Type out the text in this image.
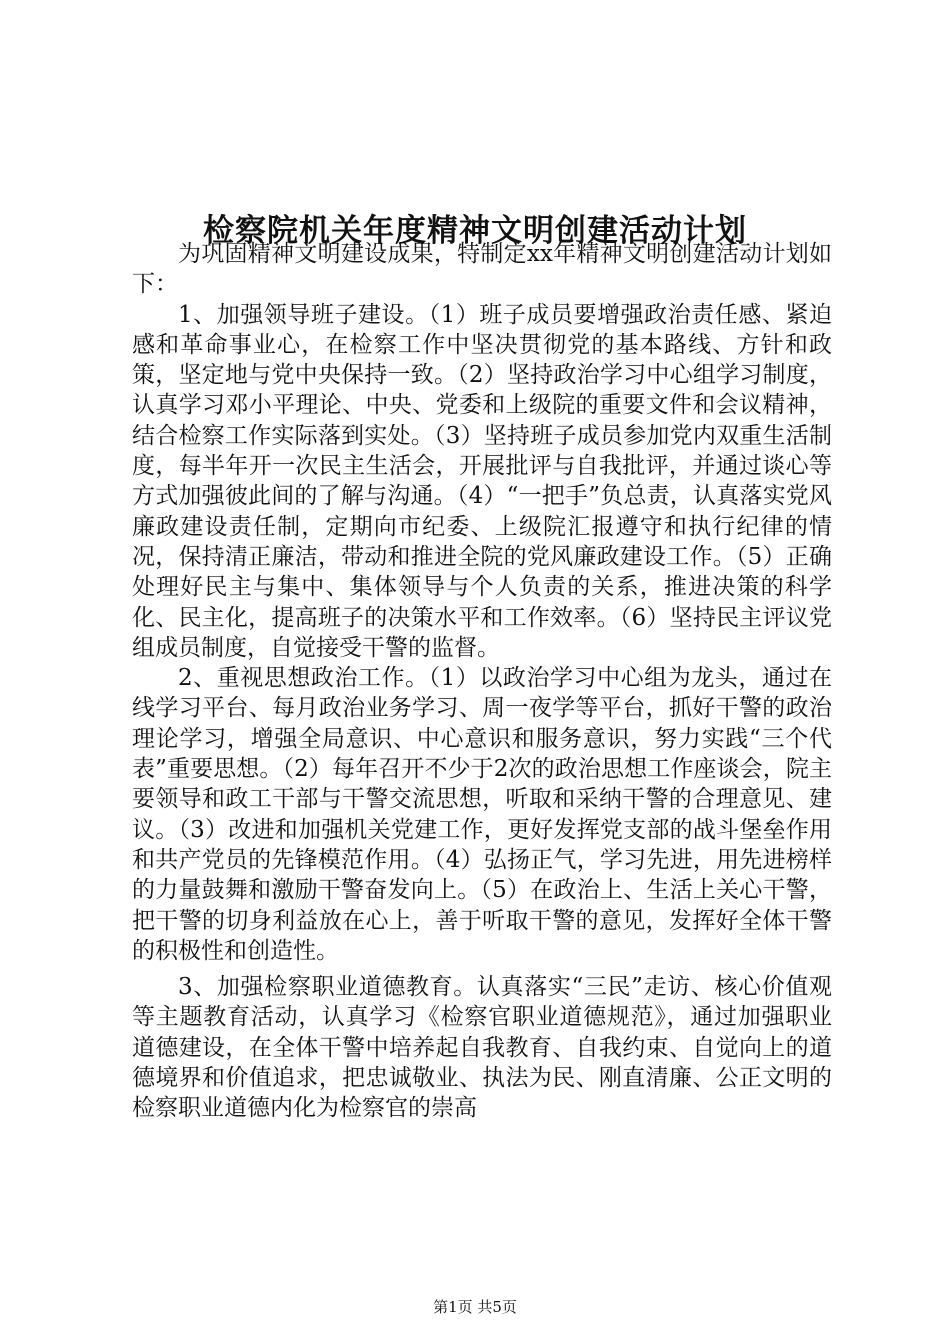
检察院机关年度精神文明创建活动计划

为巩固精神文明建设成果，特制定xx年精神文明创建活动计划如下：

1、加强领导班子建设。（1）班子成员要增强政治责任感、紧迫感和革命事业心，在检察工作中坚决贯彻党的基本路线、方针和政策，坚定地与党中央保持一致。（2）坚持政治学习中心组学习制度，认真学习邓小平理论、中央、党委和上级院的重要文件和会议精神，结合检察工作实际落到实处。（3）坚持班子成员参加党内双重生活制度，每半年开一次民主生活会，开展批评与自我批评，并通过谈心等方式加强彼此间的了解与沟通。（4）“一把手”负总责，认真落实党风廉政建设责任制，定期向市纪委、上级院汇报遵守和执行纪律的情况，保持清正廉洁，带动和推进全院的党风廉政建设工作。（5）正确处理好民主与集中、集体领导与个人负责的关系，推进决策的科学化、民主化，提高班子的决策水平和工作效率。（6）坚持民主评议党组成员制度，自觉接受干警的监督。

2、重视思想政治工作。（1）以政治学习中心组为龙头，通过在线学习平台、每月政治业务学习、周一夜学等平台，抓好干警的政治理论学习，增强全局意识、中心意识和服务意识，努力实践“三个代表”重要思想。（2）每年召开不少于2次的政治思想工作座谈会，院主要领导和政工干部与干警交流思想，听取和采纳干警的合理意见、建议。（3）改进和加强机关党建工作，更好发挥党支部的战斗堡垒作用和共产党员的先锋模范作用。（4）弘扬正气，学习先进，用先进榜样的力量鼓舞和激励干警奋发向上。（5）在政治上、生活上关心干警，把干警的切身利益放在心上，善于听取干警的意见，发挥好全体干警的积极性和创造性。

3、加强检察职业道德教育。认真落实“三民”走访、核心价值观等主题教育活动，认真学习《检察官职业道德规范》，通过加强职业道德建设，在全体干警中培养起自我教育、自我约束、自觉向上的道德境界和价值追求，把忠诚敬业、执法为民、刚直清廉、公正文明的检察职业道德内化为检察官的崇高

第1页 共5页
